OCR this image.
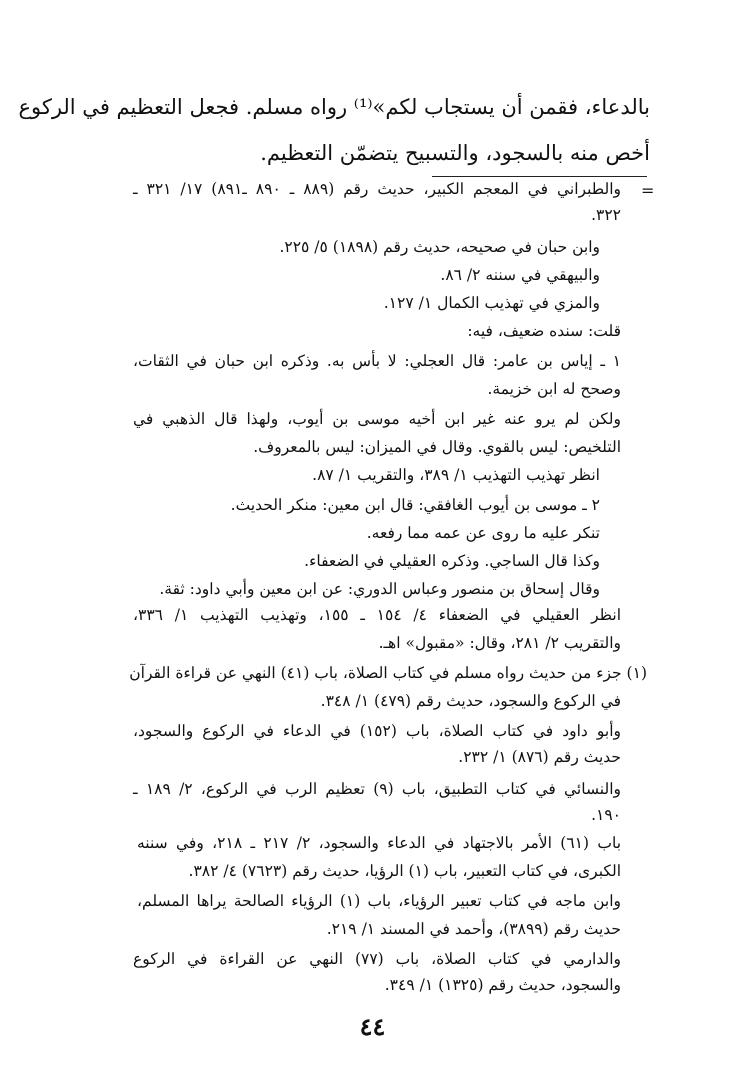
بالدعاء، فقمن أن يستجاب لكم»⁽¹⁾ رواه مسلم. فجعل التعظيم في الركوع
أخص منه بالسجود، والتسبيح يتضمّن التعظيم.
=
والطبراني في المعجم الكبير، حديث رقم (٨٨٩ ـ ٨٩٠ ـ٨٩١) ١٧/ ٣٢١ ـ
٣٢٢.
وابن حبان في صحيحه، حديث رقم (١٨٩٨) ٥/ ٢٢٥.
والبيهقي في سننه ٢/ ٨٦.
والمزي في تهذيب الكمال ١/ ١٢٧.
قلت: سنده ضعيف، فيه:
١ ـ إياس بن عامر: قال العجلي: لا بأس به. وذكره ابن حبان في الثقات،
وصحح له ابن خزيمة.
ولكن لم يرو عنه غير ابن أخيه موسى بن أيوب، ولهذا قال الذهبي في
التلخيص: ليس بالقوي. وقال في الميزان: ليس بالمعروف.
انظر تهذيب التهذيب ١/ ٣٨٩، والتقريب ١/ ٨٧.
٢ ـ موسى بن أيوب الغافقي: قال ابن معين: منكر الحديث.
تنكر عليه ما روى عن عمه مما رفعه.
وكذا قال الساجي. وذكره العقيلي في الضعفاء.
وقال إسحاق بن منصور وعباس الدوري: عن ابن معين وأبي داود: ثقة.
انظر العقيلي في الضعفاء ٤/ ١٥٤ ـ ١٥٥، وتهذيب التهذيب ١/ ٣٣٦،
والتقريب ٢/ ٢٨١، وقال: «مقبول» اهـ.
(١) جزء من حديث رواه مسلم في كتاب الصلاة، باب (٤١) النهي عن قراءة القرآن
في الركوع والسجود، حديث رقم (٤٧٩) ١/ ٣٤٨.
وأبو داود في كتاب الصلاة، باب (١٥٢) في الدعاء في الركوع والسجود،
حديث رقم (٨٧٦) ١/ ٢٣٢.
والنسائي في كتاب التطبيق، باب (٩) تعظيم الرب في الركوع، ٢/ ١٨٩ ـ
١٩٠.
باب (٦١) الأمر بالاجتهاد في الدعاء والسجود، ٢/ ٢١٧ ـ ٢١٨، وفي سننه
الكبرى، في كتاب التعبير، باب (١) الرؤيا، حديث رقم (٧٦٢٣) ٤/ ٣٨٢.
وابن ماجه في كتاب تعبير الرؤياء، باب (١) الرؤياء الصالحة يراها المسلم،
حديث رقم (٣٨٩٩)، وأحمد في المسند ١/ ٢١٩.
والدارمي في كتاب الصلاة، باب (٧٧) النهي عن القراءة في الركوع
والسجود، حديث رقم (١٣٢٥) ١/ ٣٤٩.
٤٤
